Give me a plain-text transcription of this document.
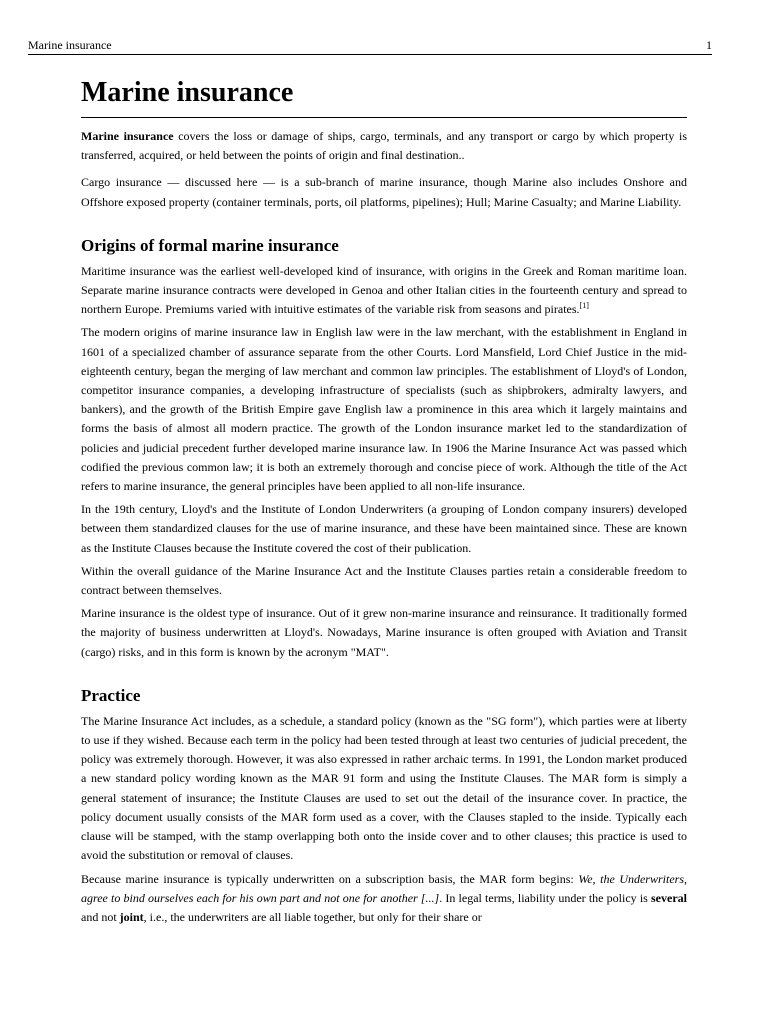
Marine insurance	1
Marine insurance

Marine insurance covers the loss or damage of ships, cargo, terminals, and any transport or cargo by which property is transferred, acquired, or held between the points of origin and final destination..

Cargo insurance — discussed here — is a sub-branch of marine insurance, though Marine also includes Onshore and Offshore exposed property (container terminals, ports, oil platforms, pipelines); Hull; Marine Casualty; and Marine Liability.

Origins of formal marine insurance

Maritime insurance was the earliest well-developed kind of insurance, with origins in the Greek and Roman maritime loan. Separate marine insurance contracts were developed in Genoa and other Italian cities in the fourteenth century and spread to northern Europe. Premiums varied with intuitive estimates of the variable risk from seasons and pirates.[1]

The modern origins of marine insurance law in English law were in the law merchant, with the establishment in England in 1601 of a specialized chamber of assurance separate from the other Courts. Lord Mansfield, Lord Chief Justice in the mid-eighteenth century, began the merging of law merchant and common law principles. The establishment of Lloyd's of London, competitor insurance companies, a developing infrastructure of specialists (such as shipbrokers, admiralty lawyers, and bankers), and the growth of the British Empire gave English law a prominence in this area which it largely maintains and forms the basis of almost all modern practice. The growth of the London insurance market led to the standardization of policies and judicial precedent further developed marine insurance law. In 1906 the Marine Insurance Act was passed which codified the previous common law; it is both an extremely thorough and concise piece of work. Although the title of the Act refers to marine insurance, the general principles have been applied to all non-life insurance.

In the 19th century, Lloyd's and the Institute of London Underwriters (a grouping of London company insurers) developed between them standardized clauses for the use of marine insurance, and these have been maintained since. These are known as the Institute Clauses because the Institute covered the cost of their publication.

Within the overall guidance of the Marine Insurance Act and the Institute Clauses parties retain a considerable freedom to contract between themselves.

Marine insurance is the oldest type of insurance. Out of it grew non-marine insurance and reinsurance. It traditionally formed the majority of business underwritten at Lloyd's. Nowadays, Marine insurance is often grouped with Aviation and Transit (cargo) risks, and in this form is known by the acronym "MAT".

Practice

The Marine Insurance Act includes, as a schedule, a standard policy (known as the "SG form"), which parties were at liberty to use if they wished. Because each term in the policy had been tested through at least two centuries of judicial precedent, the policy was extremely thorough. However, it was also expressed in rather archaic terms. In 1991, the London market produced a new standard policy wording known as the MAR 91 form and using the Institute Clauses. The MAR form is simply a general statement of insurance; the Institute Clauses are used to set out the detail of the insurance cover. In practice, the policy document usually consists of the MAR form used as a cover, with the Clauses stapled to the inside. Typically each clause will be stamped, with the stamp overlapping both onto the inside cover and to other clauses; this practice is used to avoid the substitution or removal of clauses.

Because marine insurance is typically underwritten on a subscription basis, the MAR form begins: We, the Underwriters, agree to bind ourselves each for his own part and not one for another [...]. In legal terms, liability under the policy is several and not joint, i.e., the underwriters are all liable together, but only for their share or
